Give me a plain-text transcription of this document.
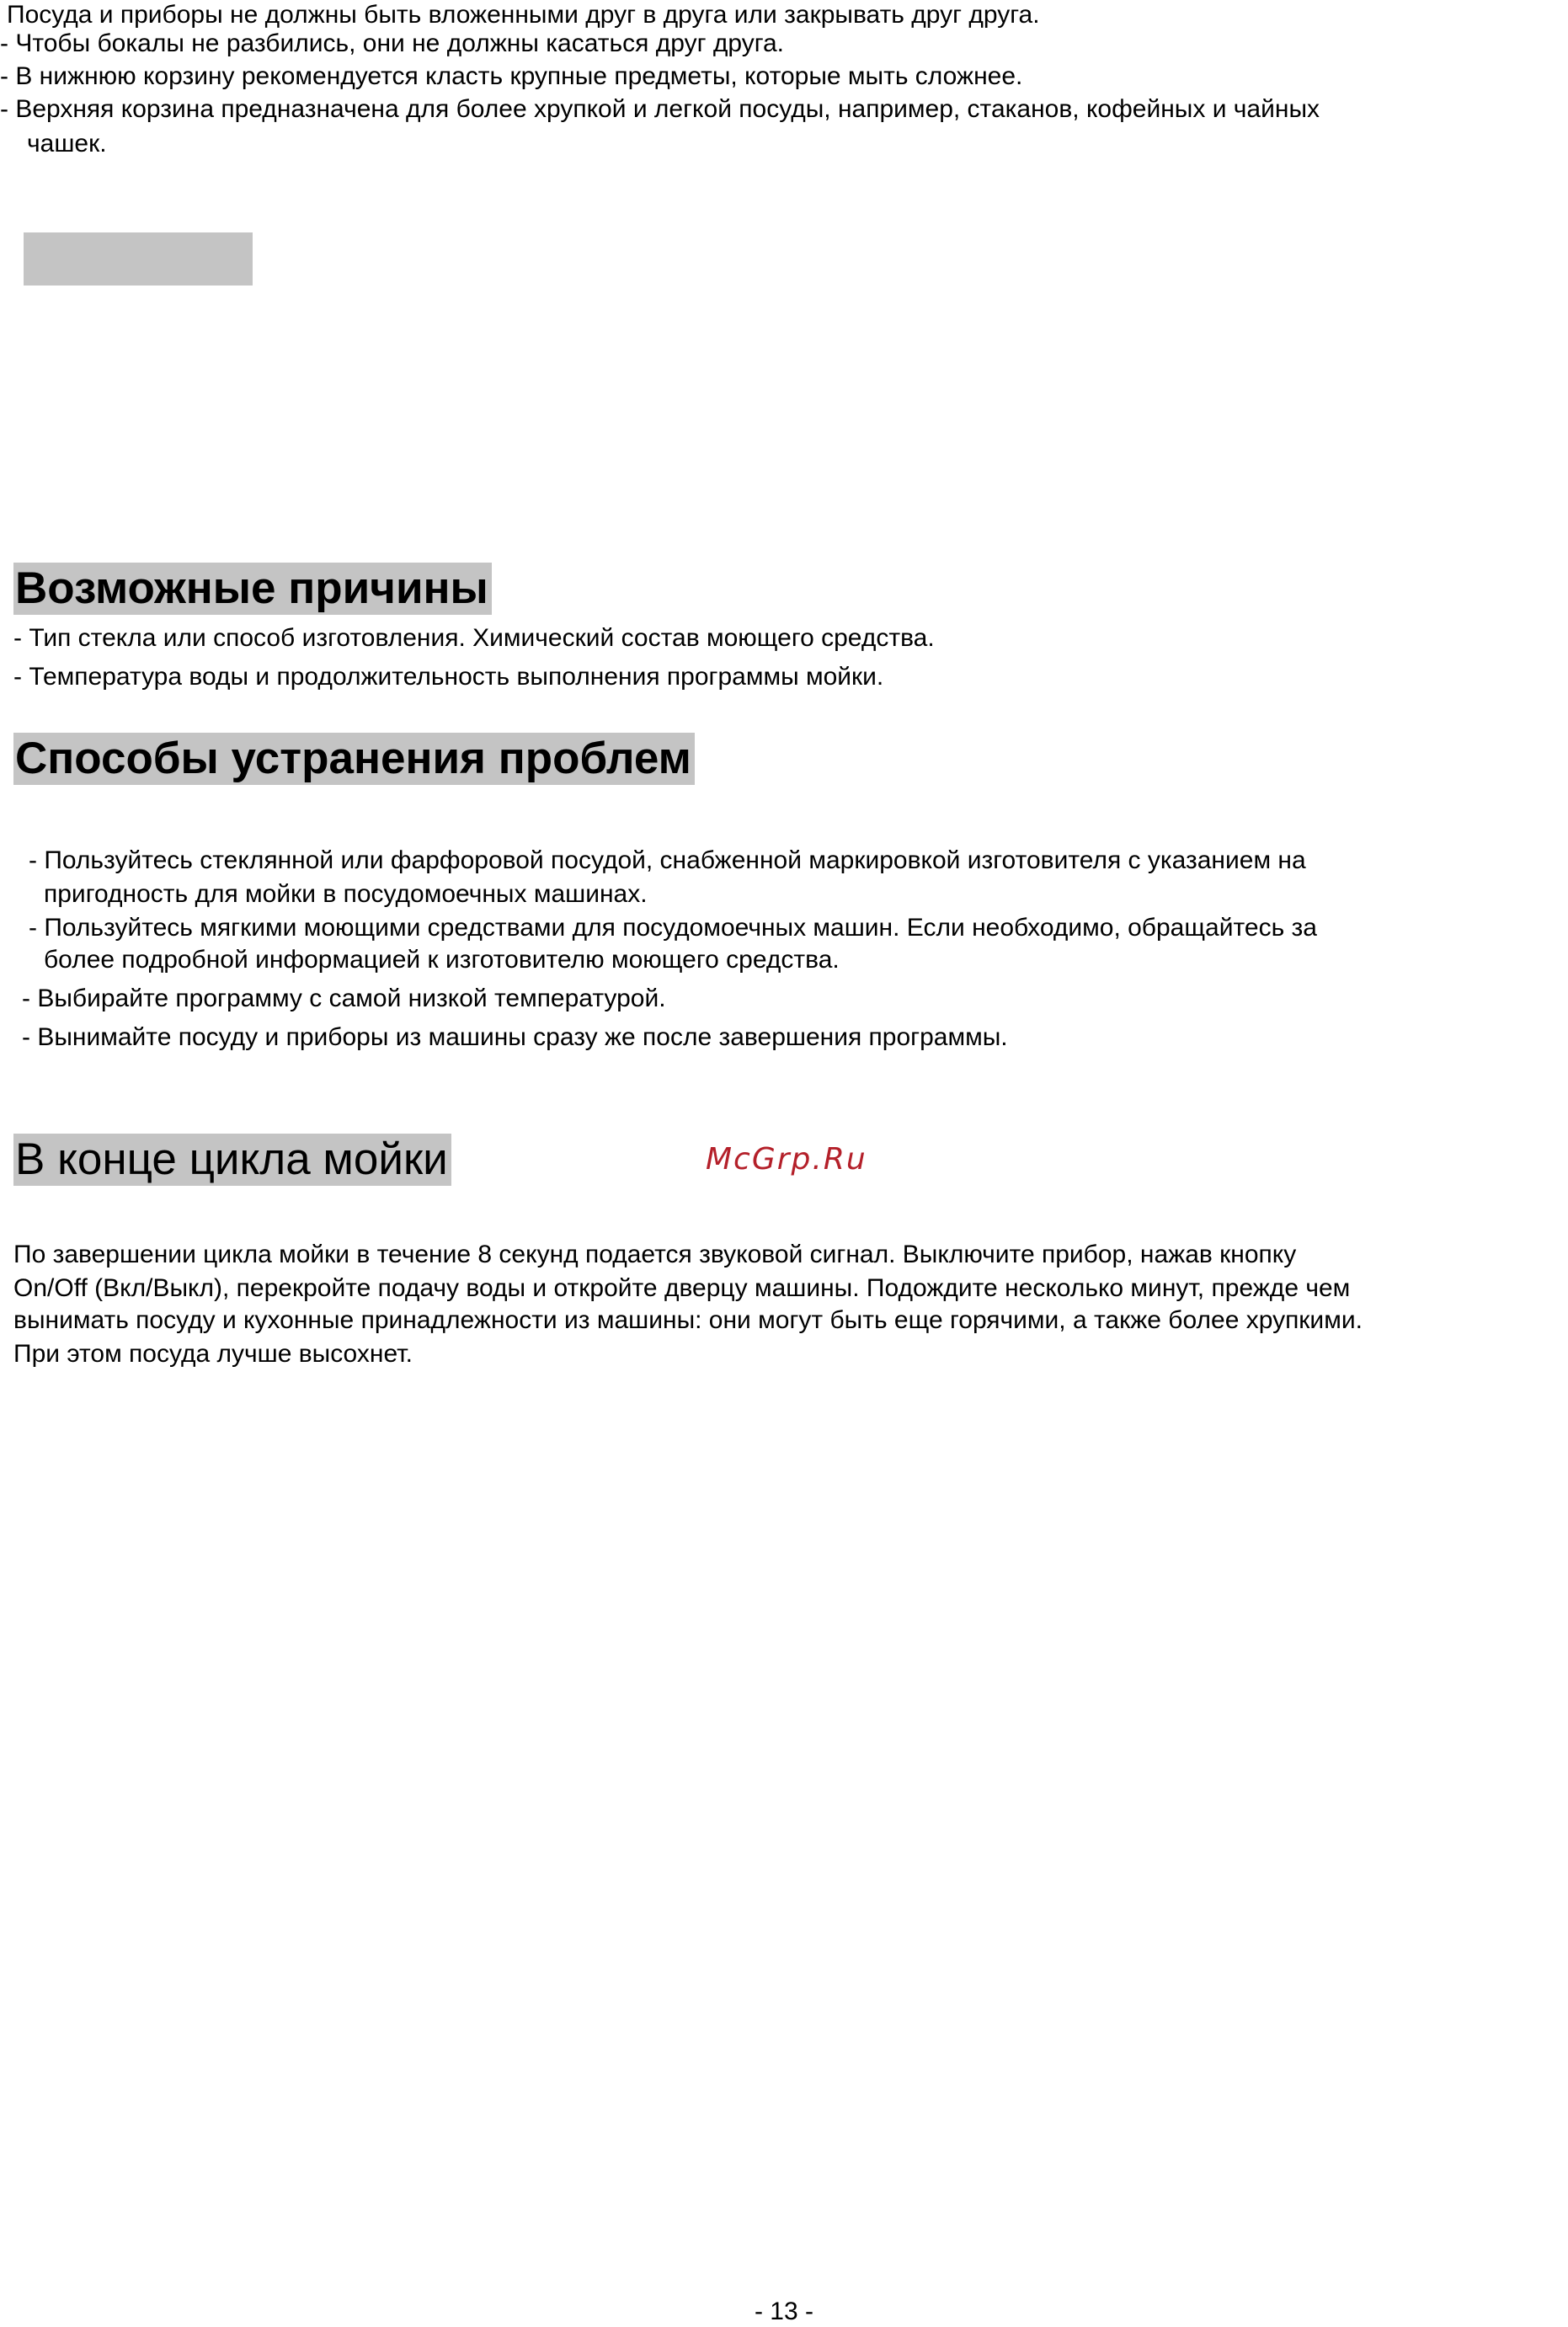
Посуда и приборы не должны быть вложенными друг в друга или закрывать друг друга.
- Чтобы бокалы не разбились, они не должны касаться друг друга.
- В нижнюю корзину рекомендуется класть крупные предметы, которые мыть сложнее.
- Верхняя корзина предназначена для более хрупкой и легкой посуды, например, стаканов, кофейных и чайных
чашек.
Возможные причины
- Тип стекла или способ изготовления. Химический состав моющего средства.
- Температура воды и продолжительность выполнения программы мойки.
Способы устранения проблем
- Пользуйтесь стеклянной или фарфоровой посудой, снабженной маркировкой изготовителя с указанием на
пригодность для мойки в посудомоечных машинах.
- Пользуйтесь мягкими моющими средствами для посудомоечных машин. Если необходимо, обращайтесь за
более подробной информацией к изготовителю моющего средства.
- Выбирайте программу с самой низкой температурой.
- Вынимайте посуду и приборы из машины сразу же после завершения программы.
В конце цикла мойки	McGrp.Ru
По завершении цикла мойки в течение 8 секунд подается звуковой сигнал. Выключите прибор, нажав кнопку
On/Off (Вкл/Выкл), перекройте подачу воды и откройте дверцу машины. Подождите несколько минут, прежде чем
вынимать посуду и кухонные принадлежности из машины: они могут быть еще горячими, а также более хрупкими.
При этом посуда лучше высохнет.
- 13 -
